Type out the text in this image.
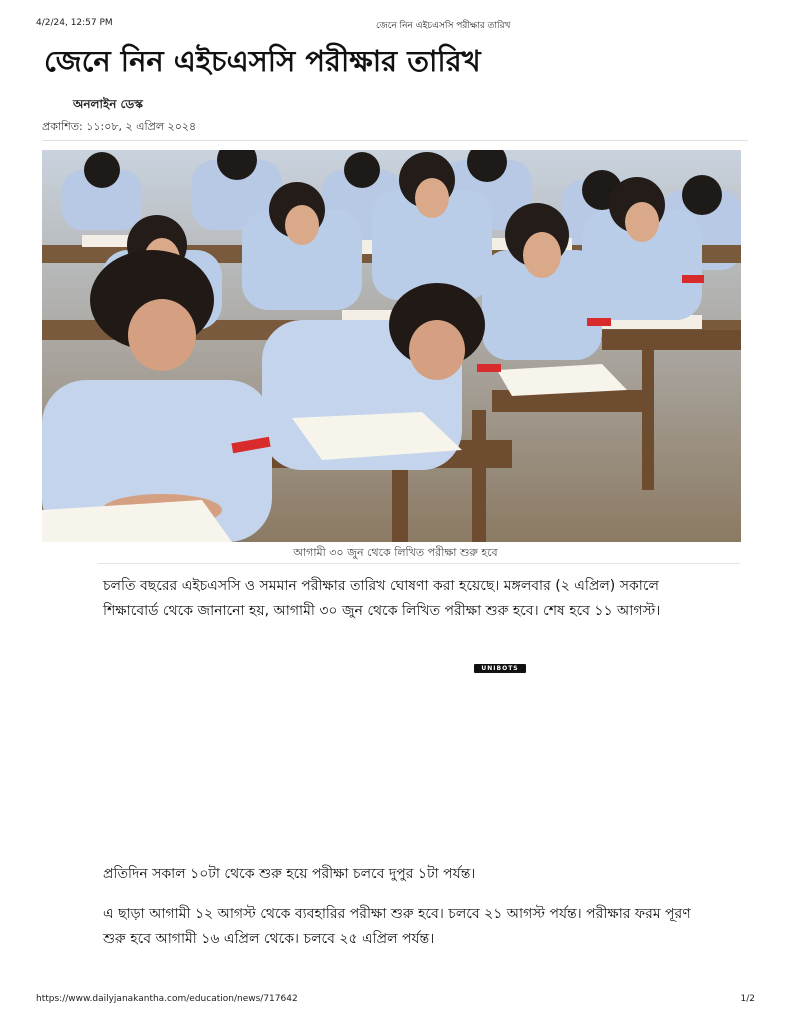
4/2/24, 12:57 PM	জেনে নিন এইচএসসি পরীক্ষার তারিখ
জেনে নিন এইচএসসি পরীক্ষার তারিখ
অনলাইন ডেস্ক
প্রকাশিত: ১১:০৮, ২ এপ্রিল ২০২৪
আগামী ৩০ জুন থেকে লিখিত পরীক্ষা শুরু হবে

চলতি বছরের এইচএসসি ও সমমান পরীক্ষার তারিখ ঘোষণা করা হয়েছে। মঙ্গলবার (২ এপ্রিল) সকালে শিক্ষাবোর্ড থেকে জানানো হয়, আগামী ৩০ জুন থেকে লিখিত পরীক্ষা শুরু হবে। শেষ হবে ১১ আগস্ট।

UNIBOTS

প্রতিদিন সকাল ১০টা থেকে শুরু হয়ে পরীক্ষা চলবে দুপুর ১টা পর্যন্ত।

এ ছাড়া আগামী ১২ আগস্ট থেকে ব্যবহারির পরীক্ষা শুরু হবে। চলবে ২১ আগস্ট পর্যন্ত। পরীক্ষার ফরম পূরণ শুরু হবে আগামী ১৬ এপ্রিল থেকে। চলবে ২৫ এপ্রিল পর্যন্ত।

https://www.dailyjanakantha.com/education/news/717642	1/2
